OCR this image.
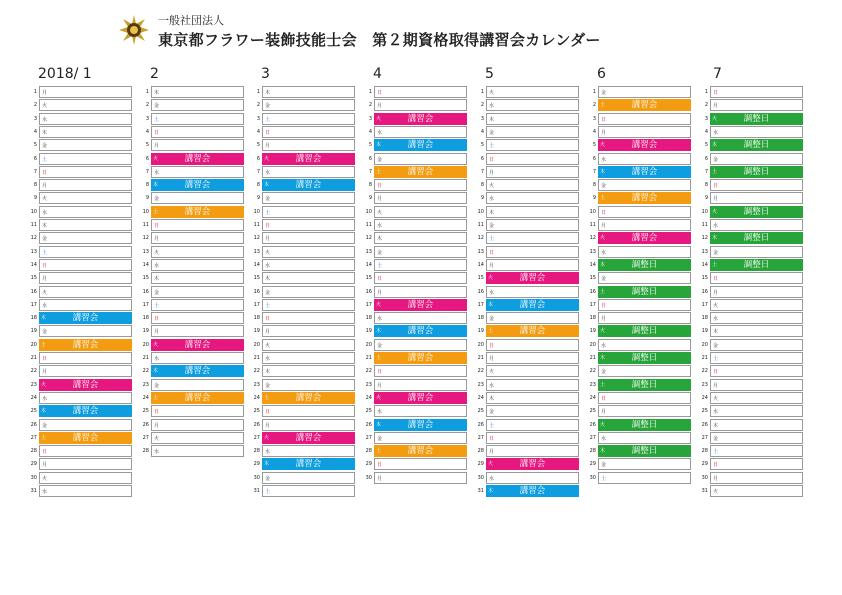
一般社団法人
東京都フラワー装飾技能士会　第２期資格取得講習会カレンダー
2018/ 1
1 月
2 火
3 水
4 木
5 金
6 土
7 日
8 月
9 火
10 水
11 木
12 金
13 土
14 日
15 月
16 火
17 水
18 木	講習会
19 金
20 土	講習会
21 日
22 月
23 火	講習会
24 水
25 木	講習会
26 金
27 土	講習会
28 日
29 月
30 火
31 水
2
1 木
2 金
3 土
4 日
5 月
6 火	講習会
7 水
8 木	講習会
9 金
10 土	講習会
11 日
12 月
13 火
14 水
15 木
16 金
17 土
18 日
19 月
20 火	講習会
21 水
22 木	講習会
23 金
24 土	講習会
25 日
26 月
27 火
28 水
3
1 木
2 金
3 土
4 日
5 月
6 火	講習会
7 水
8 木	講習会
9 金
10 土
11 日
12 月
13 火
14 水
15 木
16 金
17 土
18 日
19 月
20 火
21 水
22 木
23 金
24 土	講習会
25 日
26 月
27 火	講習会
28 水
29 木	講習会
30 金
31 土
4
1 日
2 月
3 火	講習会
4 水
5 木	講習会
6 金
7 土	講習会
8 日
9 月
10 火
11 水
12 木
13 金
14 土
15 日
16 月
17 火	講習会
18 水
19 木	講習会
20 金
21 土	講習会
22 日
23 月
24 火	講習会
25 水
26 木	講習会
27 金
28 土	講習会
29 日
30 月
5
1 火
2 水
3 木
4 金
5 土
6 日
7 月
8 火
9 水
10 木
11 金
12 土
13 日
14 月
15 火	講習会
16 水
17 木	講習会
18 金
19 土	講習会
20 日
21 月
22 火
23 水
24 木
25 金
26 土
27 日
28 月
29 火	講習会
30 水
31 木	講習会
6
1 金
2 土	講習会
3 日
4 月
5 火	講習会
6 水
7 木	講習会
8 金
9 土	講習会
10 日
11 月
12 火	講習会
13 水
14 木	調整日
15 金
16 土	調整日
17 日
18 月
19 火	調整日
20 水
21 木	調整日
22 金
23 土	調整日
24 日
25 月
26 火	調整日
27 水
28 木	調整日
29 金
30 土
7
1 日
2 月
3 火	調整日
4 水
5 木	調整日
6 金
7 土	調整日
8 日
9 月
10 火	調整日
11 水
12 木	調整日
13 金
14 土	調整日
15 日
16 月
17 火
18 水
19 木
20 金
21 土
22 日
23 月
24 火
25 水
26 木
27 金
28 土
29 日
30 月
31 火
